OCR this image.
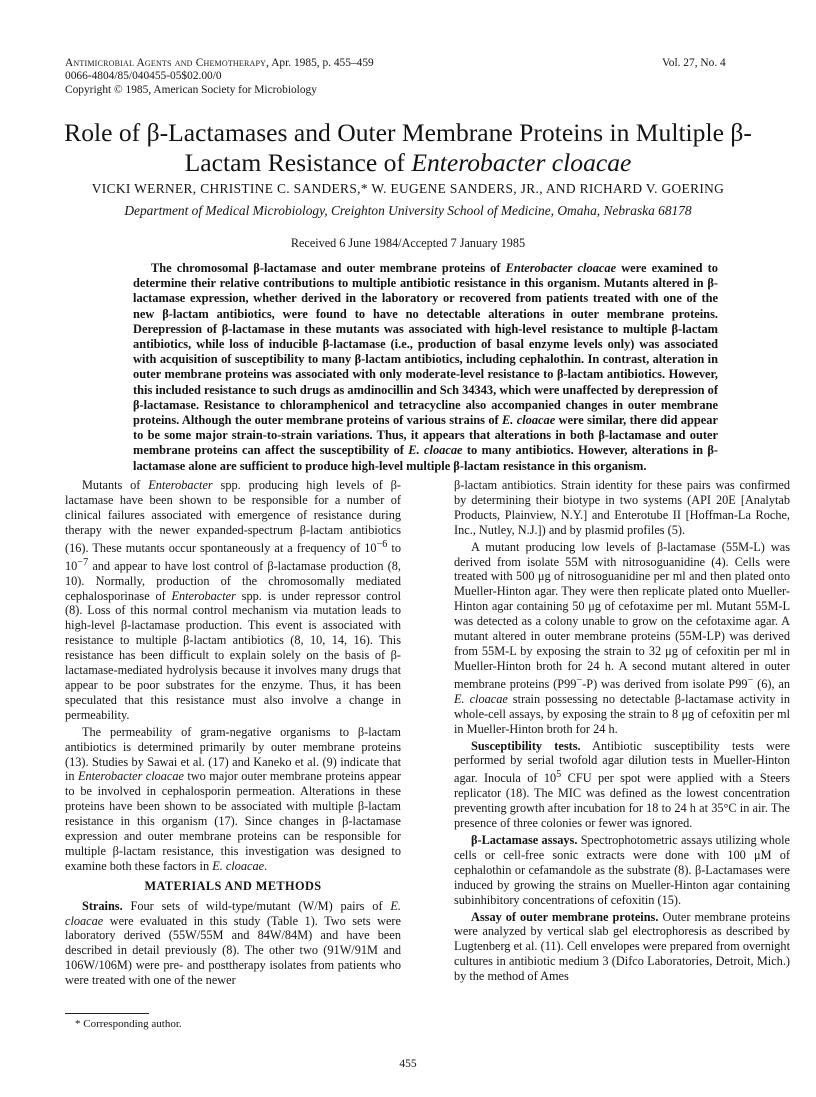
Antimicrobial Agents and Chemotherapy, Apr. 1985, p. 455–459
0066-4804/85/040455-05$02.00/0
Copyright © 1985, American Society for Microbiology
Vol. 27, No. 4
Role of β-Lactamases and Outer Membrane Proteins in Multiple β-
Lactam Resistance of Enterobacter cloacae
VICKI WERNER, CHRISTINE C. SANDERS,* W. EUGENE SANDERS, JR., AND RICHARD V. GOERING
Department of Medical Microbiology, Creighton University School of Medicine, Omaha, Nebraska 68178
Received 6 June 1984/Accepted 7 January 1985

The chromosomal β-lactamase and outer membrane proteins of Enterobacter cloacae were examined to determine their relative contributions to multiple antibiotic resistance in this organism. Mutants altered in β-lactamase expression, whether derived in the laboratory or recovered from patients treated with one of the new β-lactam antibiotics, were found to have no detectable alterations in outer membrane proteins. Derepression of β-lactamase in these mutants was associated with high-level resistance to multiple β-lactam antibiotics, while loss of inducible β-lactamase (i.e., production of basal enzyme levels only) was associated with acquisition of susceptibility to many β-lactam antibiotics, including cephalothin. In contrast, alteration in outer membrane proteins was associated with only moderate-level resistance to β-lactam antibiotics. However, this included resistance to such drugs as amdinocillin and Sch 34343, which were unaffected by derepression of β-lactamase. Resistance to chloramphenicol and tetracycline also accompanied changes in outer membrane proteins. Although the outer membrane proteins of various strains of E. cloacae were similar, there did appear to be some major strain-to-strain variations. Thus, it appears that alterations in both β-lactamase and outer membrane proteins can affect the susceptibility of E. cloacae to many antibiotics. However, alterations in β-lactamase alone are sufficient to produce high-level multiple β-lactam resistance in this organism.

Mutants of Enterobacter spp. producing high levels of β-lactamase have been shown to be responsible for a number of clinical failures associated with emergence of resistance during therapy with the newer expanded-spectrum β-lactam antibiotics (16). These mutants occur spontaneously at a frequency of $10^{-6}$ to $10^{-7}$ and appear to have lost control of β-lactamase production (8, 10). Normally, production of the chromosomally mediated cephalosporinase of Enterobacter spp. is under repressor control (8). Loss of this normal control mechanism via mutation leads to high-level β-lactamase production. This event is associated with resistance to multiple β-lactam antibiotics (8, 10, 14, 16). This resistance has been difficult to explain solely on the basis of β-lactamase-mediated hydrolysis because it involves many drugs that appear to be poor substrates for the enzyme. Thus, it has been speculated that this resistance must also involve a change in permeability.

The permeability of gram-negative organisms to β-lactam antibiotics is determined primarily by outer membrane proteins (13). Studies by Sawai et al. (17) and Kaneko et al. (9) indicate that in Enterobacter cloacae two major outer membrane proteins appear to be involved in cephalosporin permeation. Alterations in these proteins have been shown to be associated with multiple β-lactam resistance in this organism (17). Since changes in β-lactamase expression and outer membrane proteins can be responsible for multiple β-lactam resistance, this investigation was designed to examine both these factors in E. cloacae.

MATERIALS AND METHODS

Strains. Four sets of wild-type/mutant (W/M) pairs of E. cloacae were evaluated in this study (Table 1). Two sets were laboratory derived (55W/55M and 84W/84M) and have been described in detail previously (8). The other two (91W/91M and 106W/106M) were pre- and posttherapy isolates from patients who were treated with one of the newer

β-lactam antibiotics. Strain identity for these pairs was confirmed by determining their biotype in two systems (API 20E [Analytab Products, Plainview, N.Y.] and Enterotube II [Hoffman-La Roche, Inc., Nutley, N.J.]) and by plasmid profiles (5).

A mutant producing low levels of β-lactamase (55M-L) was derived from isolate 55M with nitrosoguanidine (4). Cells were treated with 500 μg of nitrosoguanidine per ml and then plated onto Mueller-Hinton agar. They were then replicate plated onto Mueller-Hinton agar containing 50 μg of cefotaxime per ml. Mutant 55M-L was detected as a colony unable to grow on the cefotaxime agar. A mutant altered in outer membrane proteins (55M-LP) was derived from 55M-L by exposing the strain to 32 μg of cefoxitin per ml in Mueller-Hinton broth for 24 h. A second mutant altered in outer membrane proteins (P99−-P) was derived from isolate P99− (6), an E. cloacae strain possessing no detectable β-lactamase activity in whole-cell assays, by exposing the strain to 8 μg of cefoxitin per ml in Mueller-Hinton broth for 24 h.

Susceptibility tests. Antibiotic susceptibility tests were performed by serial twofold agar dilution tests in Mueller-Hinton agar. Inocula of $10^5$ CFU per spot were applied with a Steers replicator (18). The MIC was defined as the lowest concentration preventing growth after incubation for 18 to 24 h at 35°C in air. The presence of three colonies or fewer was ignored.

β-Lactamase assays. Spectrophotometric assays utilizing whole cells or cell-free sonic extracts were done with 100 μM of cephalothin or cefamandole as the substrate (8). β-Lactamases were induced by growing the strains on Mueller-Hinton agar containing subinhibitory concentrations of cefoxitin (15).

Assay of outer membrane proteins. Outer membrane proteins were analyzed by vertical slab gel electrophoresis as described by Lugtenberg et al. (11). Cell envelopes were prepared from overnight cultures in antibiotic medium 3 (Difco Laboratories, Detroit, Mich.) by the method of Ames

* Corresponding author.
455
